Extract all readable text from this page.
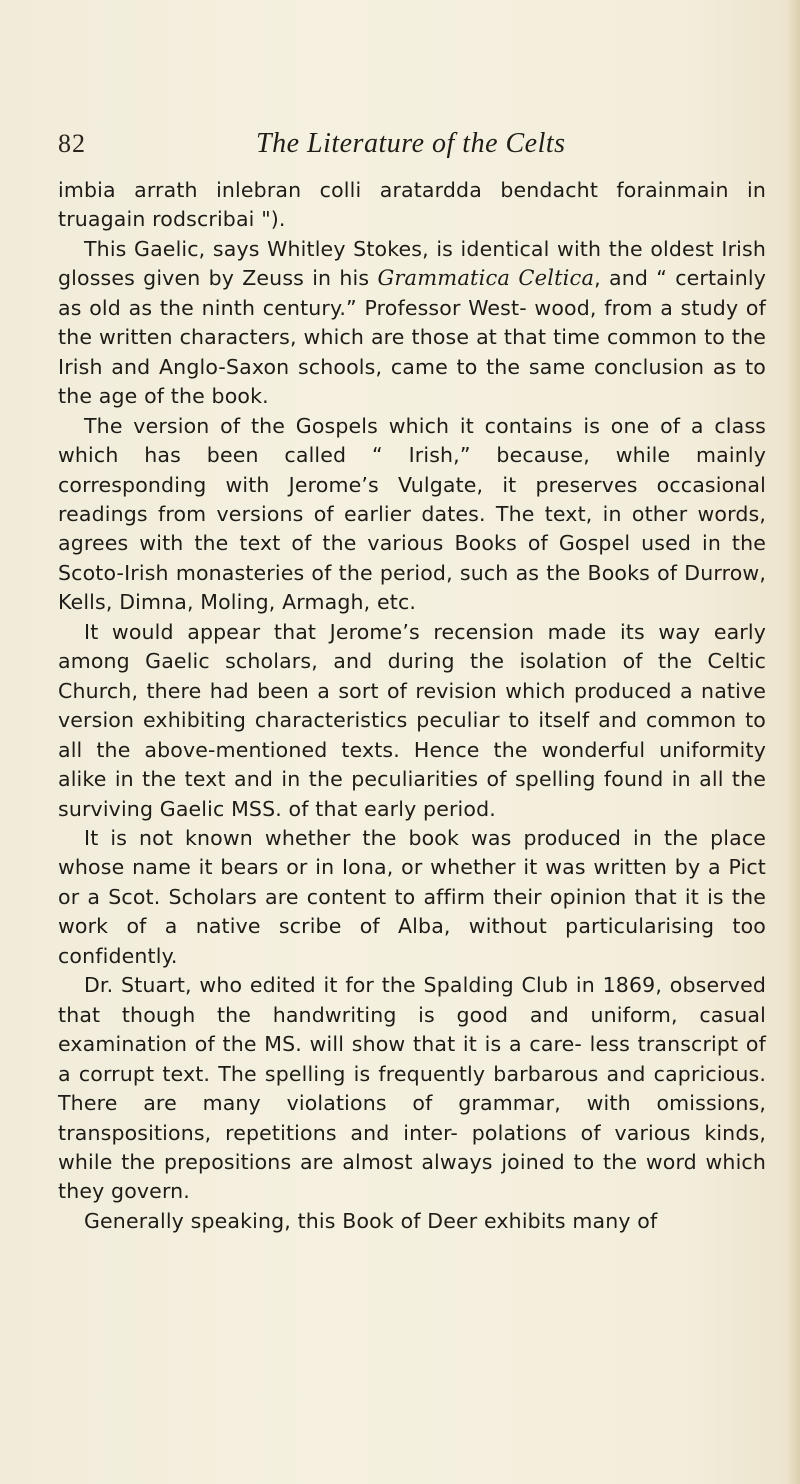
82	The Literature of the Celts

imbia arrath inlebran colli aratardda bendacht forainmain in truagain rodscribai ").

This Gaelic, says Whitley Stokes, is identical with the oldest Irish glosses given by Zeuss in his Grammatica Celtica, and “ certainly as old as the ninth century.” Professor West- wood, from a study of the written characters, which are those at that time common to the Irish and Anglo-Saxon schools, came to the same conclusion as to the age of the book.

The version of the Gospels which it contains is one of a class which has been called “ Irish,” because, while mainly corresponding with Jerome’s Vulgate, it preserves occasional readings from versions of earlier dates. The text, in other words, agrees with the text of the various Books of Gospel used in the Scoto-Irish monasteries of the period, such as the Books of Durrow, Kells, Dimna, Moling, Armagh, etc.

It would appear that Jerome’s recension made its way early among Gaelic scholars, and during the isolation of the Celtic Church, there had been a sort of revision which produced a native version exhibiting characteristics peculiar to itself and common to all the above-mentioned texts. Hence the wonderful uniformity alike in the text and in the peculiarities of spelling found in all the surviving Gaelic MSS. of that early period.

It is not known whether the book was produced in the place whose name it bears or in Iona, or whether it was written by a Pict or a Scot. Scholars are content to affirm their opinion that it is the work of a native scribe of Alba, without particularising too confidently.

Dr. Stuart, who edited it for the Spalding Club in 1869, observed that though the handwriting is good and uniform, casual examination of the MS. will show that it is a care- less transcript of a corrupt text. The spelling is frequently barbarous and capricious. There are many violations of grammar, with omissions, transpositions, repetitions and inter- polations of various kinds, while the prepositions are almost always joined to the word which they govern.

Generally speaking, this Book of Deer exhibits many of
